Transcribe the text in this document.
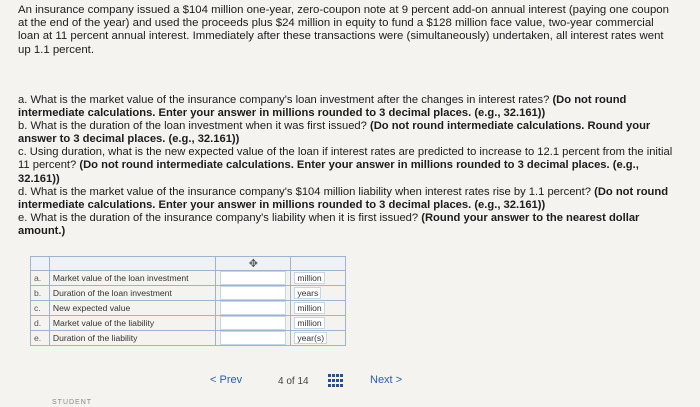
An insurance company issued a $104 million one-year, zero-coupon note at 9 percent add-on annual interest (paying one coupon at the end of the year) and used the proceeds plus $24 million in equity to fund a $128 million face value, two-year commercial loan at 11 percent annual interest. Immediately after these transactions were (simultaneously) undertaken, all interest rates went up 1.1 percent.

a. What is the market value of the insurance company's loan investment after the changes in interest rates? (Do not round intermediate calculations. Enter your answer in millions rounded to 3 decimal places. (e.g., 32.161))
b. What is the duration of the loan investment when it was first issued? (Do not round intermediate calculations. Round your answer to 3 decimal places. (e.g., 32.161))
c. Using duration, what is the new expected value of the loan if interest rates are predicted to increase to 12.1 percent from the initial 11 percent? (Do not round intermediate calculations. Enter your answer in millions rounded to 3 decimal places. (e.g., 32.161))
d. What is the market value of the insurance company's $104 million liability when interest rates rise by 1.1 percent? (Do not round intermediate calculations. Enter your answer in millions rounded to 3 decimal places. (e.g., 32.161))
e. What is the duration of the insurance company's liability when it is first issued? (Round your answer to the nearest dollar amount.)

		✥	

a.	Market value of the loan investment		million
b.	Duration of the loan investment		years
c.	New expected value		million
d.	Market value of the liability		million
e.	Duration of the liability		year(s)
< Prev	4 of 14	Next >
STUDENT
